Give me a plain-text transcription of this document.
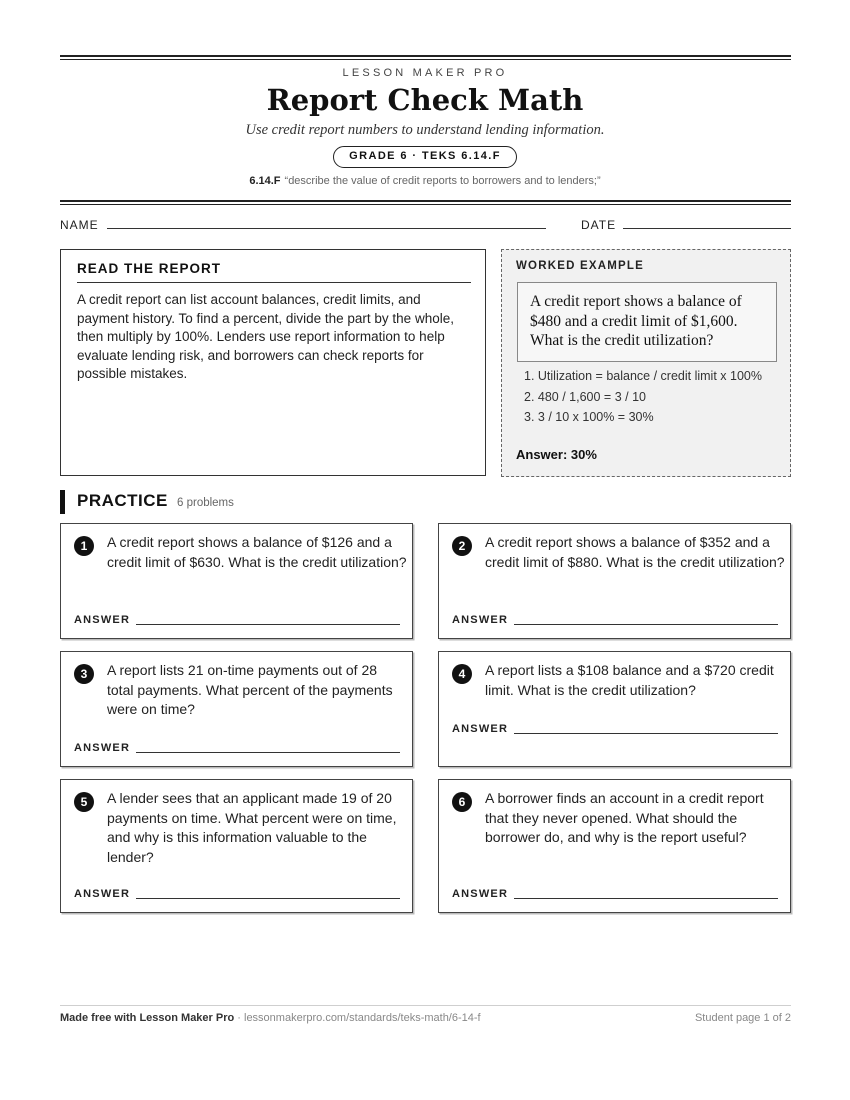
LESSON MAKER PRO
Report Check Math
Use credit report numbers to understand lending information.
GRADE 6 · TEKS 6.14.F
6.14.F “describe the value of credit reports to borrowers and to lenders;”
NAME	DATE
READ THE REPORT
A credit report can list account balances, credit limits, and payment history. To find a percent, divide the part by the whole, then multiply by 100%. Lenders use report information to help evaluate lending risk, and borrowers can check reports for possible mistakes.
WORKED EXAMPLE
A credit report shows a balance of $480 and a credit limit of $1,600. What is the credit utilization?
1. Utilization = balance / credit limit x 100%
2. 480 / 1,600 = 3 / 10
3. 3 / 10 x 100% = 30%
Answer: 30%
PRACTICE 6 problems
1	A credit report shows a balance of $126 and a credit limit of $630. What is the credit utilization?
ANSWER
2	A credit report shows a balance of $352 and a credit limit of $880. What is the credit utilization?
ANSWER
3	A report lists 21 on-time payments out of 28 total payments. What percent of the payments were on time?
ANSWER
4	A report lists a $108 balance and a $720 credit limit. What is the credit utilization?
ANSWER
5	A lender sees that an applicant made 19 of 20 payments on time. What percent were on time, and why is this information valuable to the lender?
ANSWER
6	A borrower finds an account in a credit report that they never opened. What should the borrower do, and why is the report useful?
ANSWER
Made free with Lesson Maker Pro · lessonmakerpro.com/standards/teks-math/6-14-f	Student page 1 of 2
